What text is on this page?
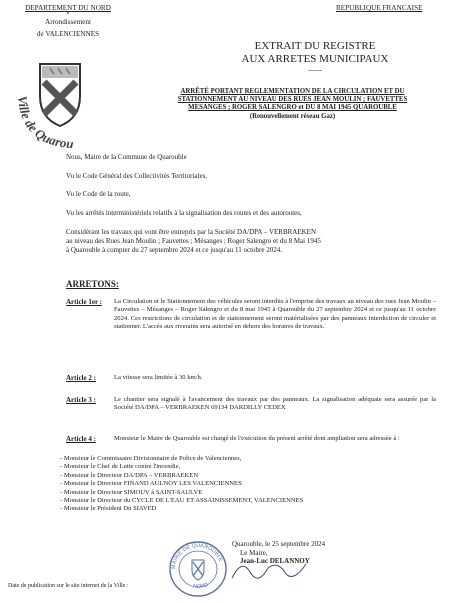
DEPARTEMENT DU NORD
*
Arrondissement
de VALENCIENNES
REPUBLIQUE FRANCAISE
Ville de Quarou
EXTRAIT DU REGISTRE
AUX ARRETES MUNICIPAUX
------
ARRÊTÉ PORTANT REGLEMENTATION DE LA CIRCULATION ET DU
STATIONNEMENT AU NIVEAU DES RUES JEAN MOULIN ; FAUVETTES
MESANGES ; ROGER SALENGRO et DU 8 MAI 1945 QUAROUBLE
(Renouvellement réseau Gaz)
Nous, Maire de la Commune de Quarouble
Vu le Code Général des Collectivités Territoriales,
Vu le Code de la route,
Vu les arrêtés interministériels relatifs à la signalisation des routes et des autoroutes,
Considérant les travaux qui vont être entrepris par la Société DA/DPA – VERBRAEKEN
au niveau des Rues Jean Moulin ; Fauvettes ; Mésanges ; Roger Salengro et du 8 Mai 1945
à Quarouble à compter du 27 septembre 2024 et ce jusqu'au 11 octobre 2024.
ARRETONS:
Article 1er : La Circulation et le Stationnement des véhicules seront interdits à l'emprise des travaux au niveau des rues Jean Moulin – Fauvettes – Mésanges – Roger Salengro et du 8 mai 1945 à Quarouble du 27 septembre 2024 et ce jusqu'au 11 octobre 2024. Ces restrictions de circulation et de stationnement seront matérialisées par des panneaux interdiction de circuler et stationner. L'accès aux riverains sera autorisé en dehors des horaires de travaux.
Article 2 :	La vitesse sera limitée à 30 km/h.
Article 3 :	Le chantier sera signalé à l'avancement des travaux par des panneaux. La signalisation adéquate sera assurée par la Société DA/DPA – VERBRAEKEN 69134 DARDILLY CEDEX
Article 4 :	Monsieur le Maire de Quarouble est chargé de l'exécution du présent arrêté dont ampliation sera adressée à :
- Monsieur le Commissaire Divisionnaire de Police de Valenciennes,
- Monsieur le Chef de Lutte contre l'incendie,
- Monsieur le Directeur DA/DPA – VERBRAEKEN
- Monsieur le Directeur FINAND AULNOY LES VALENCIENNES
- Monsieur le Directeur SIMOUV à SAINT-SAULVE
- Monsieur le Directeur du CYCLE DE L'EAU ET ASSAINISSEMENT, VALENCIENNES
- Monsieur le Président Du SIAVED
Quarouble, le 25 septembre 2024
Le Maire,
Jean-Luc DELANNOY
MAIRIE DE QUAROUBLE
NORD
Date de publication sur le site internet de la Ville :
